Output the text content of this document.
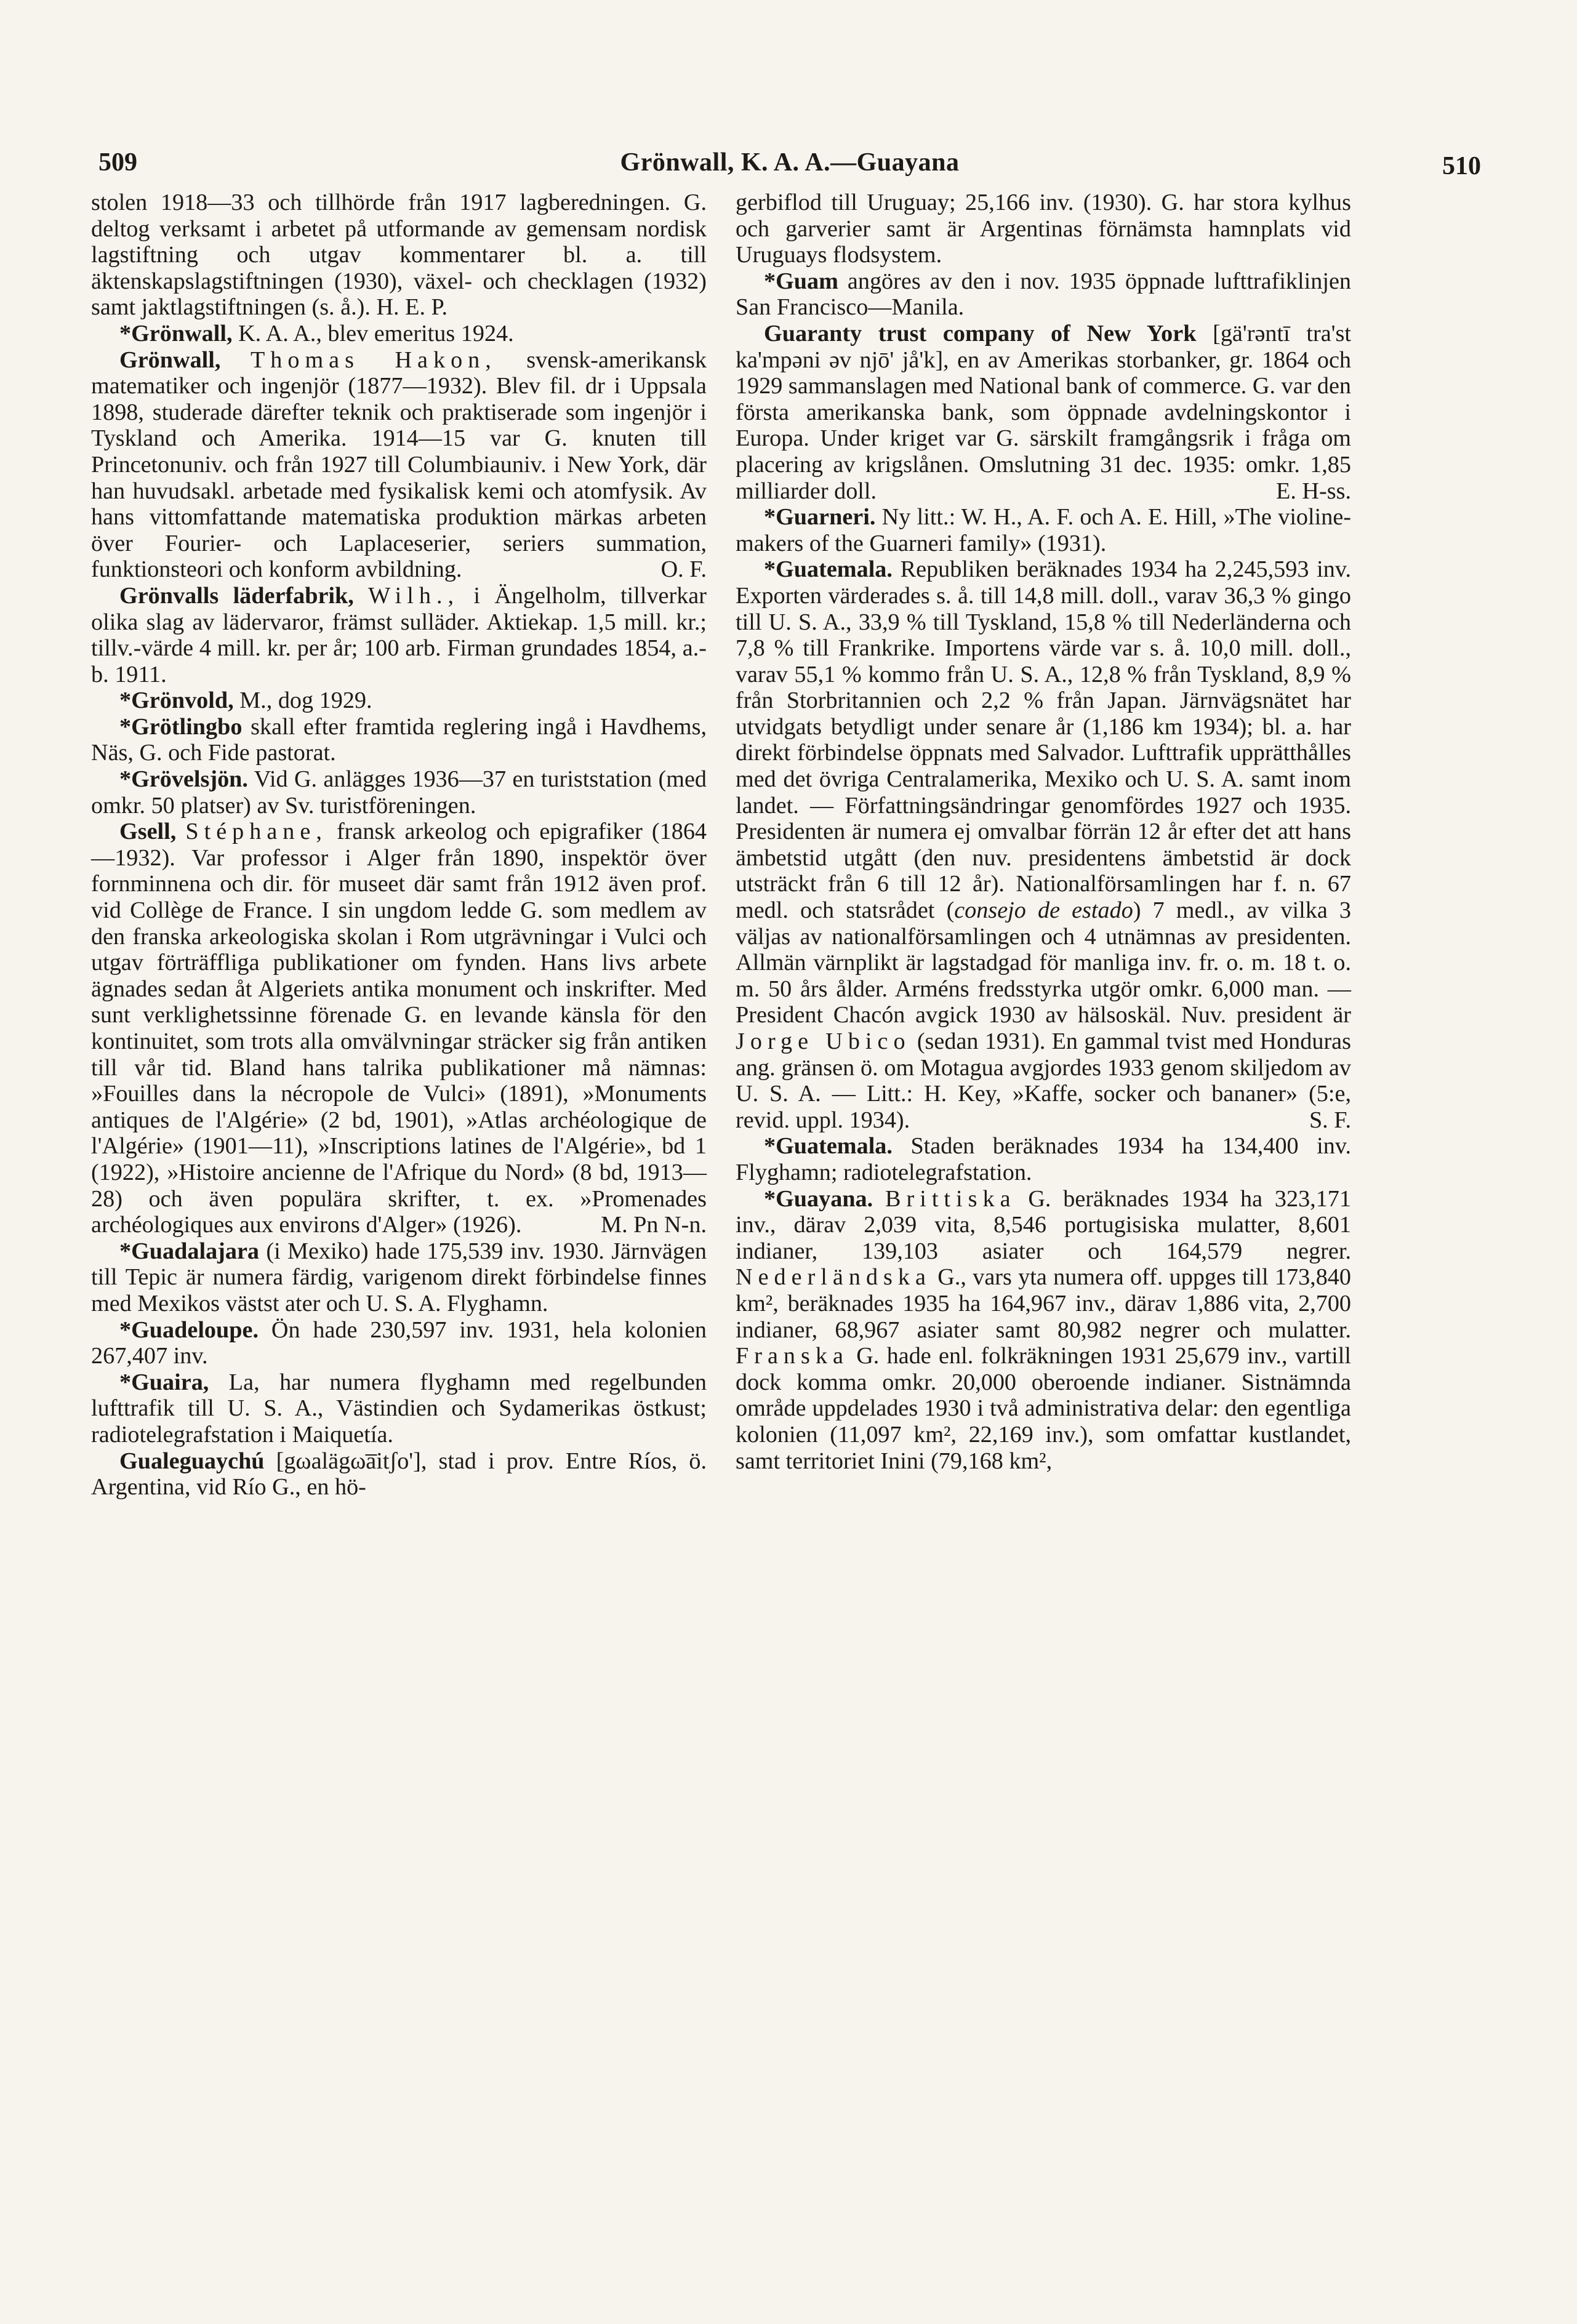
509	Grönwall, K. A. A.—Guayana	510

stolen 1918—33 och tillhörde från 1917 lagberedningen. G. deltog verksamt i arbetet på utformande av gemensam nordisk lagstiftning och utgav kommentarer bl. a. till äktenskapslagstiftningen (1930), växel- och checklagen (1932) samt jaktlagstiftningen (s. å.). H. E. P.

*Grönwall, K. A. A., blev emeritus 1924.

Grönwall, Thomas Hakon, svensk-amerikansk matematiker och ingenjör (1877—1932). Blev fil. dr i Uppsala 1898, studerade därefter teknik och praktiserade som ingenjör i Tyskland och Amerika. 1914—15 var G. knuten till Princetonuniv. och från 1927 till Columbiauniv. i New York, där han huvudsakl. arbetade med fysikalisk kemi och atomfysik. Av hans vittomfattande matematiska produktion märkas arbeten över Fourier- och Laplaceserier, seriers summation, funktionsteori och konform avbildning.	O. F.

Grönvalls läderfabrik, Wilh., i Ängelholm, tillverkar olika slag av lädervaror, främst sulläder. Aktiekap. 1,5 mill. kr.; tillv.-värde 4 mill. kr. per år; 100 arb. Firman grundades 1854, a.-b. 1911.

*Grönvold, M., dog 1929.

*Grötlingbo skall efter framtida reglering ingå i Havdhems, Näs, G. och Fide pastorat.

*Grövelsjön. Vid G. anlägges 1936—37 en turiststation (med omkr. 50 platser) av Sv. turistföreningen.

Gsell, Stéphane, fransk arkeolog och epigrafiker (1864—1932). Var professor i Alger från 1890, inspektör över fornminnena och dir. för museet där samt från 1912 även prof. vid Collège de France. I sin ungdom ledde G. som medlem av den franska arkeologiska skolan i Rom utgrävningar i Vulci och utgav förträffliga publikationer om fynden. Hans livs arbete ägnades sedan åt Algeriets antika monument och inskrifter. Med sunt verklighetssinne förenade G. en levande känsla för den kontinuitet, som trots alla omvälvningar sträcker sig från antiken till vår tid. Bland hans talrika publikationer må nämnas: »Fouilles dans la nécropole de Vulci» (1891), »Monuments antiques de l'Algérie» (2 bd, 1901), »Atlas archéologique de l'Algérie» (1901—11), »Inscriptions latines de l'Algérie», bd 1 (1922), »Histoire ancienne de l'Afrique du Nord» (8 bd, 1913—28) och även populära skrifter, t. ex. »Promenades archéologiques aux environs d'Alger» (1926).	M. Pn N-n.

*Guadalajara (i Mexiko) hade 175,539 inv. 1930. Järnvägen till Tepic är numera färdig, varigenom direkt förbindelse finnes med Mexikos västst ater och U. S. A. Flyghamn.

*Guadeloupe. Ön hade 230,597 inv. 1931, hela kolonien 267,407 inv.

*Guaira, La, har numera flyghamn med regelbunden lufttrafik till U. S. A., Västindien och Sydamerikas östkust; radiotelegrafstation i Maiquetía.

Gualeguaychú [gωalägωa̅itʃo'], stad i prov. Entre Ríos, ö. Argentina, vid Río G., en hö-

gerbiflod till Uruguay; 25,166 inv. (1930). G. har stora kylhus och garverier samt är Argentinas förnämsta hamnplats vid Uruguays flodsystem.

*Guam angöres av den i nov. 1935 öppnade lufttrafiklinjen San Francisco—Manila.

Guaranty trust company of New York [gä'rəntī tra'st ka'mpəni əv njō' jå'k], en av Amerikas storbanker, gr. 1864 och 1929 sammanslagen med National bank of commerce. G. var den första amerikanska bank, som öppnade avdelningskontor i Europa. Under kriget var G. särskilt framgångsrik i fråga om placering av krigslånen. Omslutning 31 dec. 1935: omkr. 1,85 milliarder doll.	E. H-ss.

*Guarneri. Ny litt.: W. H., A. F. och A. E. Hill, »The violine-makers of the Guarneri family» (1931).

*Guatemala. Republiken beräknades 1934 ha 2,245,593 inv. Exporten värderades s. å. till 14,8 mill. doll., varav 36,3 % gingo till U. S. A., 33,9 % till Tyskland, 15,8 % till Nederländerna och 7,8 % till Frankrike. Importens värde var s. å. 10,0 mill. doll., varav 55,1 % kommo från U. S. A., 12,8 % från Tyskland, 8,9 % från Storbritannien och 2,2 % från Japan. Järnvägsnätet har utvidgats betydligt under senare år (1,186 km 1934); bl. a. har direkt förbindelse öppnats med Salvador. Lufttrafik upprätthålles med det övriga Centralamerika, Mexiko och U. S. A. samt inom landet. — Författningsändringar genomfördes 1927 och 1935. Presidenten är numera ej omvalbar förrän 12 år efter det att hans ämbetstid utgått (den nuv. presidentens ämbetstid är dock utsträckt från 6 till 12 år). Nationalförsamlingen har f. n. 67 medl. och statsrådet (consejo de estado) 7 medl., av vilka 3 väljas av nationalförsamlingen och 4 utnämnas av presidenten. Allmän värnplikt är lagstadgad för manliga inv. fr. o. m. 18 t. o. m. 50 års ålder. Arméns fredsstyrka utgör omkr. 6,000 man. — President Chacón avgick 1930 av hälsoskäl. Nuv. president är Jorge Ubico (sedan 1931). En gammal tvist med Honduras ang. gränsen ö. om Motagua avgjordes 1933 genom skiljedom av U. S. A. — Litt.: H. Key, »Kaffe, socker och bananer» (5:e, revid. uppl. 1934).	S. F.

*Guatemala. Staden beräknades 1934 ha 134,400 inv. Flyghamn; radiotelegrafstation.

*Guayana. Brittiska G. beräknades 1934 ha 323,171 inv., därav 2,039 vita, 8,546 portugisiska mulatter, 8,601 indianer, 139,103 asiater och 164,579 negrer. Nederländska G., vars yta numera off. uppges till 173,840 km², beräknades 1935 ha 164,967 inv., därav 1,886 vita, 2,700 indianer, 68,967 asiater samt 80,982 negrer och mulatter. Franska G. hade enl. folkräkningen 1931 25,679 inv., vartill dock komma omkr. 20,000 oberoende indianer. Sistnämnda område uppdelades 1930 i två administrativa delar: den egentliga kolonien (11,097 km², 22,169 inv.), som omfattar kustlandet, samt territoriet Inini (79,168 km²,
